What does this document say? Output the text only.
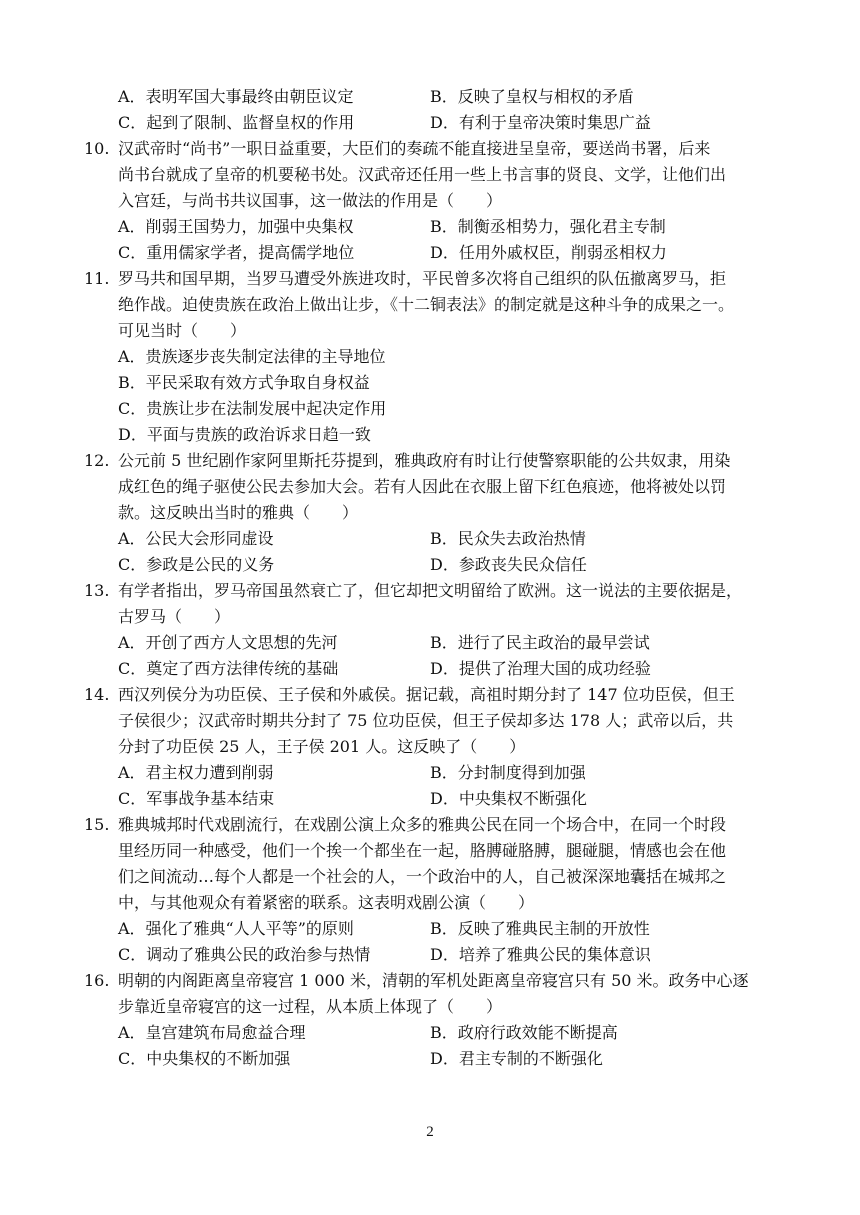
A．表明军国大事最终由朝臣议定	B．反映了皇权与相权的矛盾
C．起到了限制、监督皇权的作用	D．有利于皇帝决策时集思广益
10. 汉武帝时“尚书”一职日益重要，大臣们的奏疏不能直接进呈皇帝，要送尚书署，后来
尚书台就成了皇帝的机要秘书处。汉武帝还任用一些上书言事的贤良、文学，让他们出
入宫廷，与尚书共议国事，这一做法的作用是（　　）
A．削弱王国势力，加强中央集权	B．制衡丞相势力，强化君主专制
C．重用儒家学者，提高儒学地位	D．任用外戚权臣，削弱丞相权力
11. 罗马共和国早期，当罗马遭受外族进攻时，平民曾多次将自己组织的队伍撤离罗马，拒
绝作战。迫使贵族在政治上做出让步，《十二铜表法》的制定就是这种斗争的成果之一。
可见当时（　　）
A．贵族逐步丧失制定法律的主导地位
B．平民采取有效方式争取自身权益
C．贵族让步在法制发展中起决定作用
D．平面与贵族的政治诉求日趋一致
12. 公元前 5 世纪剧作家阿里斯托芬提到，雅典政府有时让行使警察职能的公共奴隶，用染
成红色的绳子驱使公民去参加大会。若有人因此在衣服上留下红色痕迹，他将被处以罚
款。这反映出当时的雅典（　　）
A．公民大会形同虚设	B．民众失去政治热情
C．参政是公民的义务	D．参政丧失民众信任
13. 有学者指出，罗马帝国虽然衰亡了，但它却把文明留给了欧洲。这一说法的主要依据是，
古罗马（　　）
A．开创了西方人文思想的先河	B．进行了民主政治的最早尝试
C．奠定了西方法律传统的基础	D．提供了治理大国的成功经验
14. 西汉列侯分为功臣侯、王子侯和外戚侯。据记载，高祖时期分封了 147 位功臣侯，但王
子侯很少；汉武帝时期共分封了 75 位功臣侯，但王子侯却多达 178 人；武帝以后，共
分封了功臣侯 25 人，王子侯 201 人。这反映了（　　）
A．君主权力遭到削弱	B．分封制度得到加强
C．军事战争基本结束	D．中央集权不断强化
15. 雅典城邦时代戏剧流行，在戏剧公演上众多的雅典公民在同一个场合中，在同一个时段
里经历同一种感受，他们一个挨一个都坐在一起，胳膊碰胳膊，腿碰腿，情感也会在他
们之间流动…每个人都是一个社会的人，一个政治中的人，自己被深深地囊括在城邦之
中，与其他观众有着紧密的联系。这表明戏剧公演（　　）
A．强化了雅典“人人平等”的原则	B．反映了雅典民主制的开放性
C．调动了雅典公民的政治参与热情	D．培养了雅典公民的集体意识
16. 明朝的内阁距离皇帝寝宫 1 000 米，清朝的军机处距离皇帝寝宫只有 50 米。政务中心逐
步靠近皇帝寝宫的这一过程，从本质上体现了（　　）
A．皇宫建筑布局愈益合理	B．政府行政效能不断提高
C．中央集权的不断加强	D．君主专制的不断强化
2
